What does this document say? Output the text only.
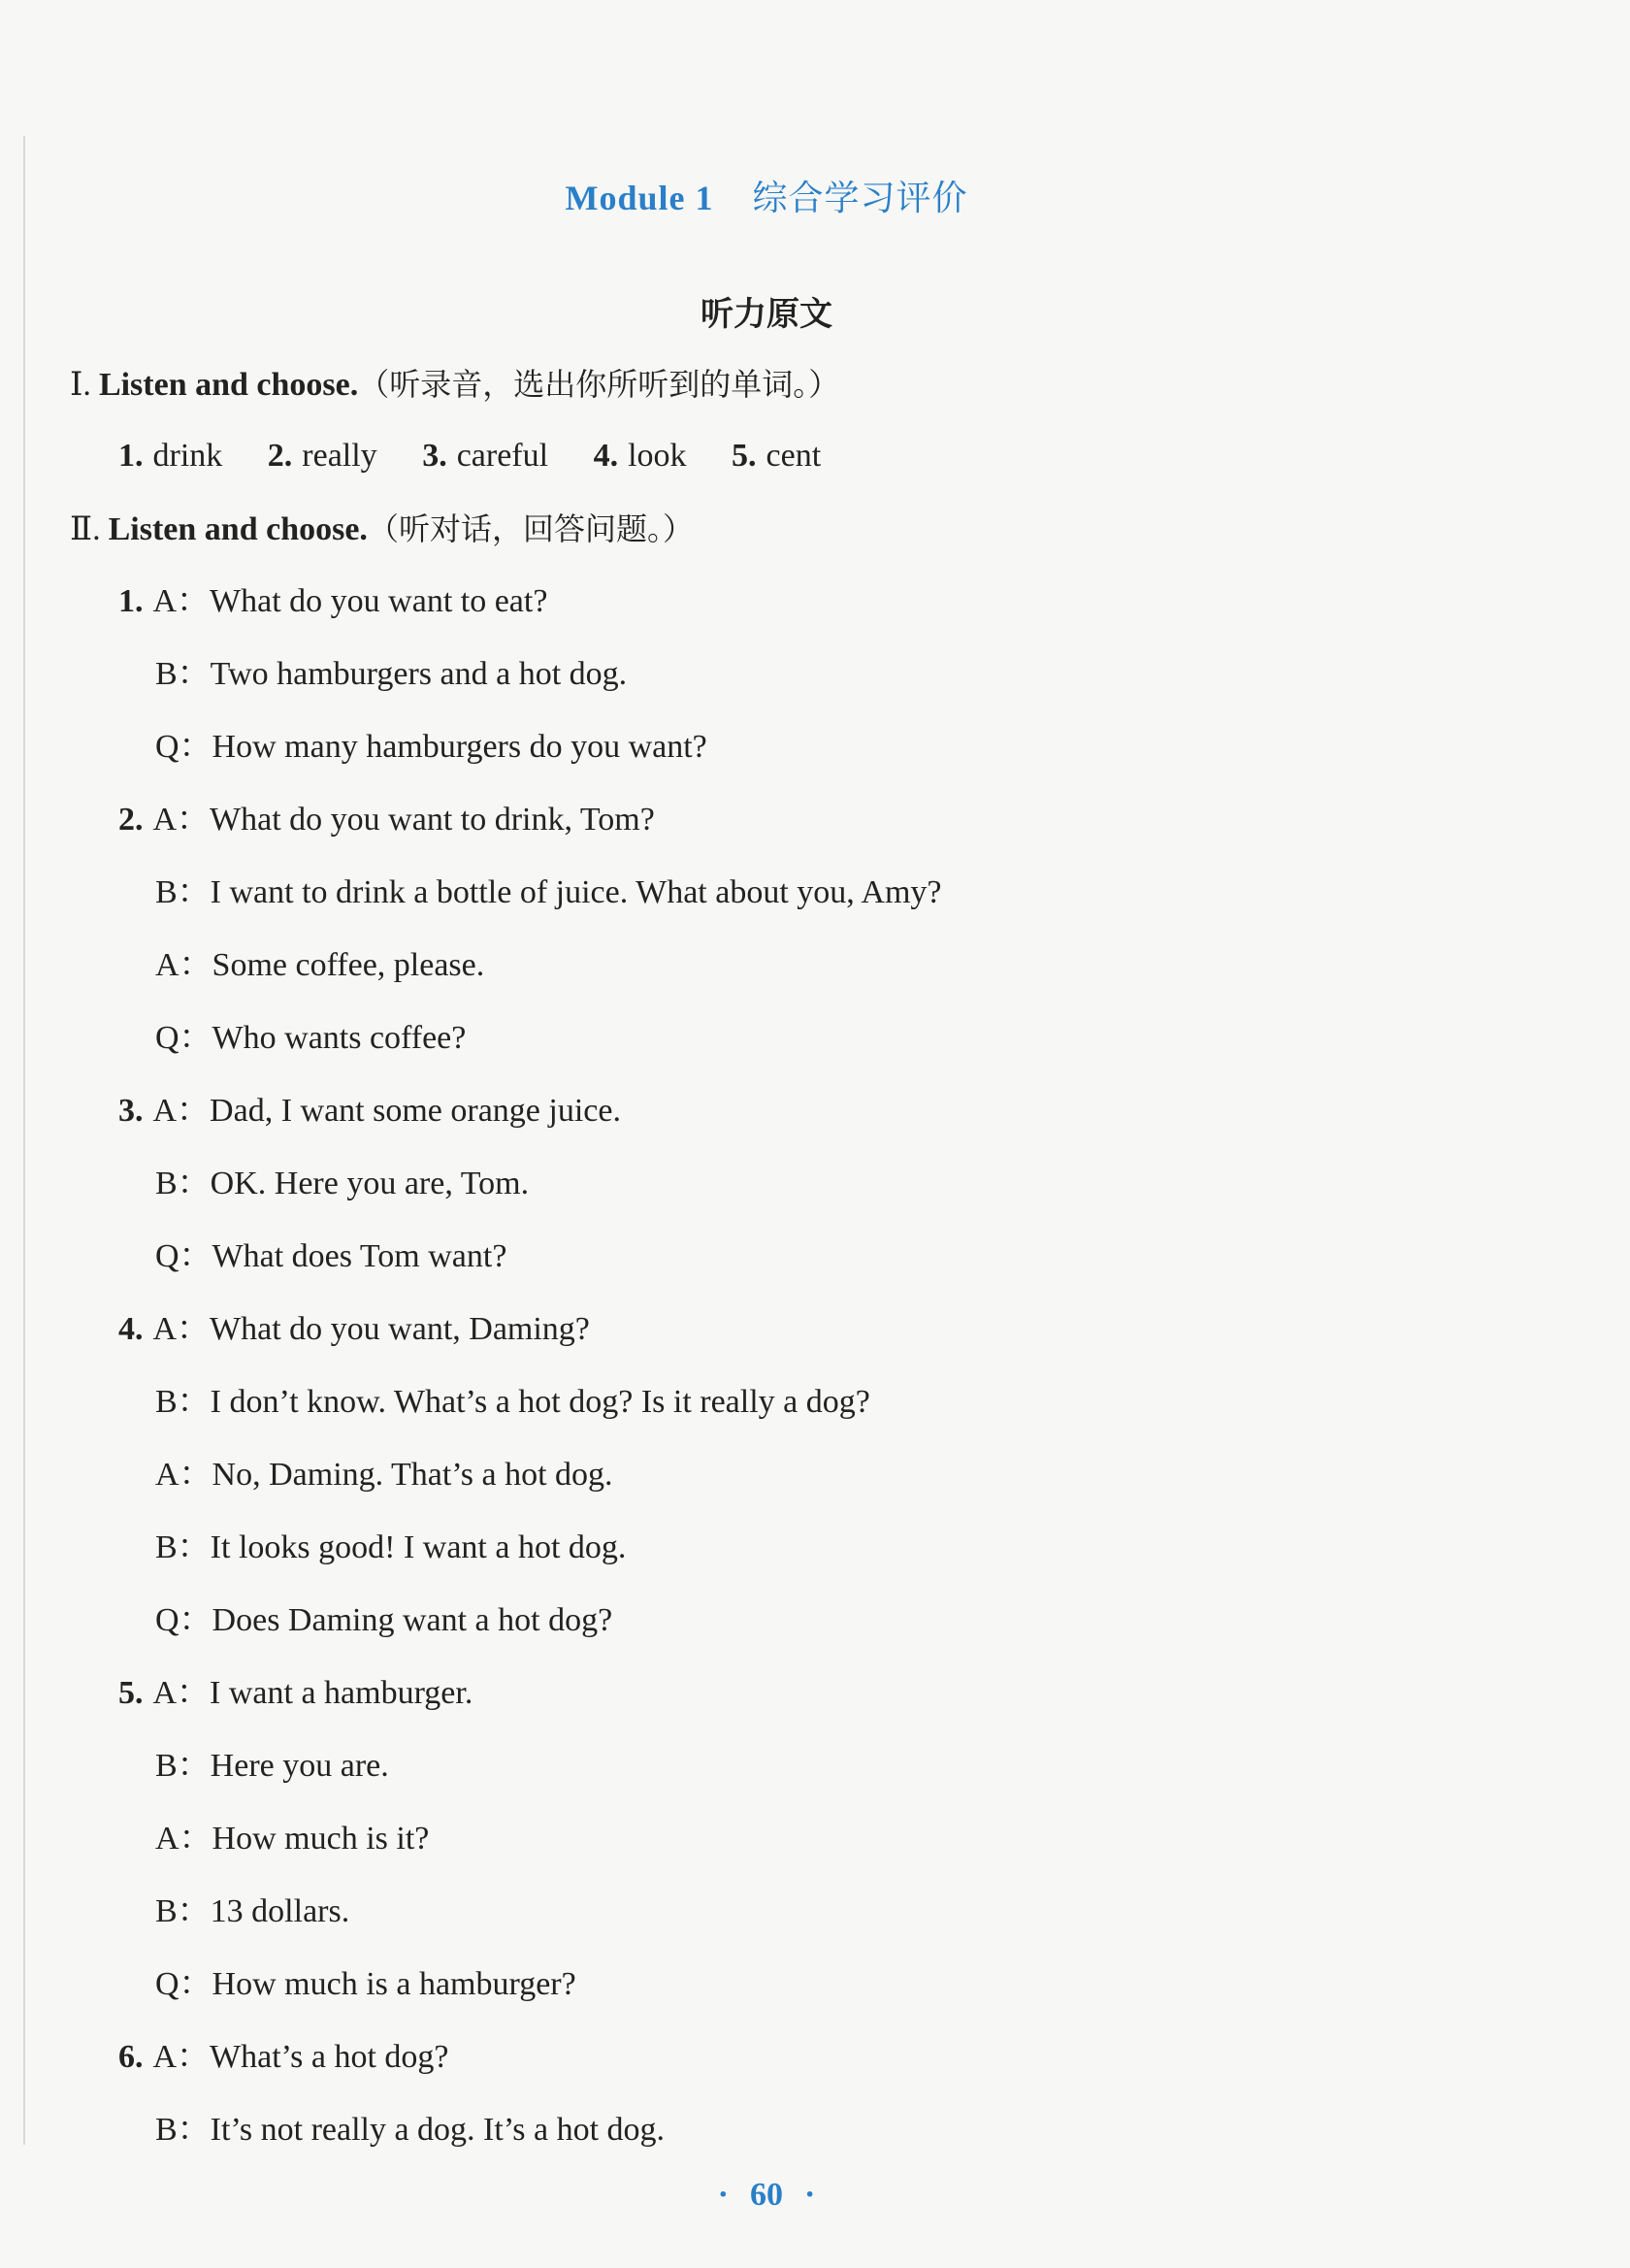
Module 1 综合学习评价
听力原文
Ⅰ. Listen and choose.（听录音，选出你所听到的单词。）
1. drink 2. really 3. careful 4. look 5. cent
Ⅱ. Listen and choose.（听对话，回答问题。）
1. A：What do you want to eat?
B：Two hamburgers and a hot dog.
Q：How many hamburgers do you want?
2. A：What do you want to drink, Tom?
B：I want to drink a bottle of juice. What about you, Amy?
A：Some coffee, please.
Q：Who wants coffee?
3. A：Dad, I want some orange juice.
B：OK. Here you are, Tom.
Q：What does Tom want?
4. A：What do you want, Daming?
B：I don’t know. What’s a hot dog? Is it really a dog?
A：No, Daming. That’s a hot dog.
B：It looks good! I want a hot dog.
Q：Does Daming want a hot dog?
5. A：I want a hamburger.
B：Here you are.
A：How much is it?
B：13 dollars.
Q：How much is a hamburger?
6. A：What’s a hot dog?
B：It’s not really a dog. It’s a hot dog.
· 60 ·
